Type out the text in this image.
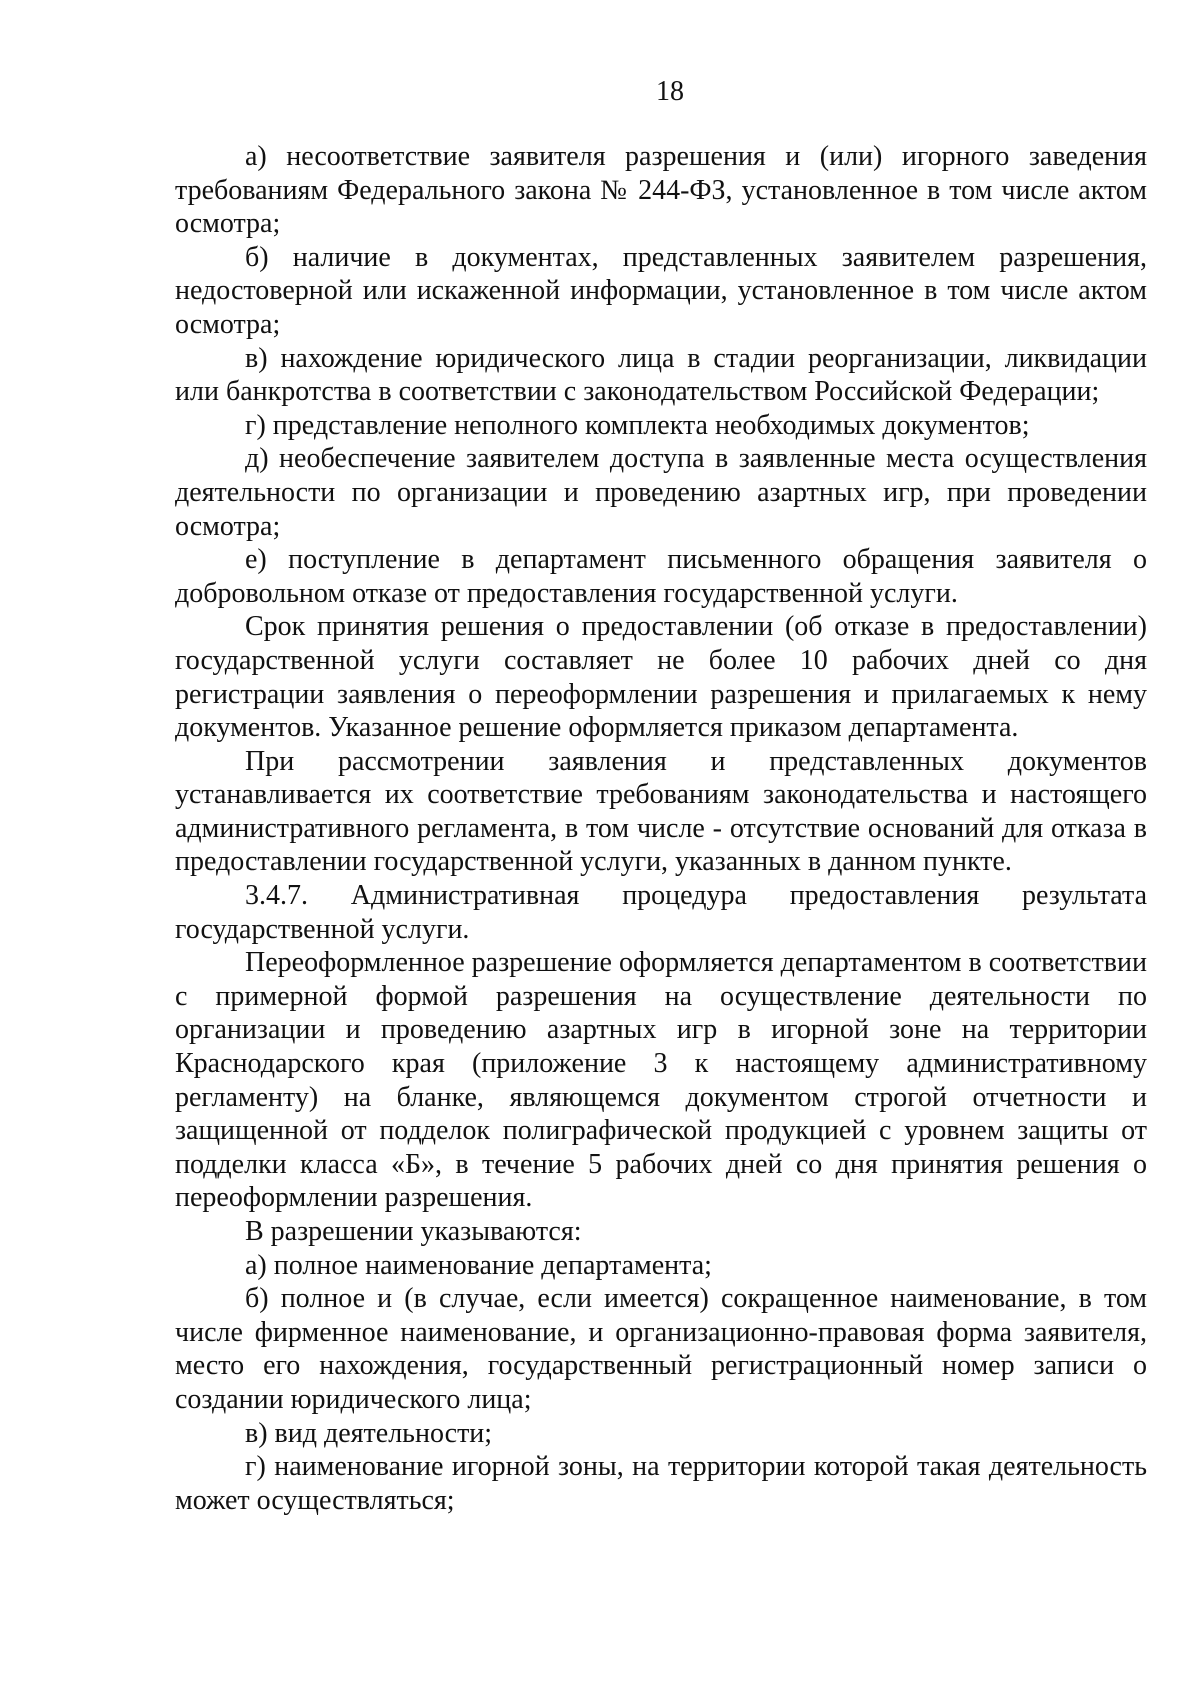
18

а) несоответствие заявителя разрешения и (или) игорного заведения требованиям Федерального закона № 244-ФЗ, установленное в том числе актом осмотра;

б) наличие в документах, представленных заявителем разрешения, недостоверной или искаженной информации, установленное в том числе актом осмотра;

в) нахождение юридического лица в стадии реорганизации, ликвидации или банкротства в соответствии с законодательством Российской Федерации;

г) представление неполного комплекта необходимых документов;

д) необеспечение заявителем доступа в заявленные места осуществления деятельности по организации и проведению азартных игр, при проведении осмотра;

е) поступление в департамент письменного обращения заявителя о добровольном отказе от предоставления государственной услуги.

Срок принятия решения о предоставлении (об отказе в предоставлении) государственной услуги составляет не более 10 рабочих дней со дня регистрации заявления о переоформлении разрешения и прилагаемых к нему документов. Указанное решение оформляется приказом департамента.

При рассмотрении заявления и представленных документов устанавливается их соответствие требованиям законодательства и настоящего административного регламента, в том числе - отсутствие оснований для отказа в предоставлении государственной услуги, указанных в данном пункте.

3.4.7. Административная процедура предоставления результата государственной услуги.

Переоформленное разрешение оформляется департаментом в соответствии с примерной формой разрешения на осуществление деятельности по организации и проведению азартных игр в игорной зоне на территории Краснодарского края (приложение 3 к настоящему административному регламенту) на бланке, являющемся документом строгой отчетности и защищенной от подделок полиграфической продукцией с уровнем защиты от подделки класса «Б», в течение 5 рабочих дней со дня принятия решения о переоформлении разрешения.

В разрешении указываются:

а) полное наименование департамента;

б) полное и (в случае, если имеется) сокращенное наименование, в том числе фирменное наименование, и организационно-правовая форма заявителя, место его нахождения, государственный регистрационный номер записи о создании юридического лица;

в) вид деятельности;

г) наименование игорной зоны, на территории которой такая деятельность может осуществляться;
